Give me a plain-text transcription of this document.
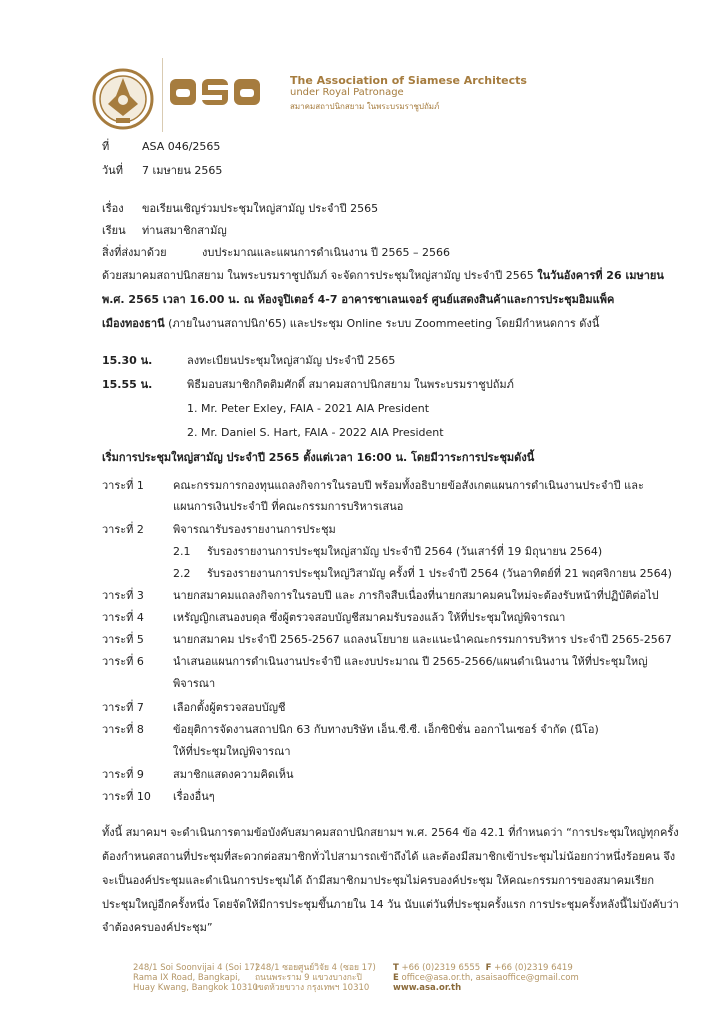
The Association of Siamese Architects
under Royal Patronage
สมาคมสถาปนิกสยาม ในพระบรมราชูปถัมภ์
ที่	ASA 046/2565
วันที่ 7 เมษายน 2565
เรื่อง ขอเรียนเชิญร่วมประชุมใหญ่สามัญ ประจำปี 2565
เรียน ท่านสมาชิกสามัญ
สิ่งที่ส่งมาด้วย	งบประมาณและแผนการดำเนินงาน ปี 2565 – 2566
ด้วยสมาคมสถาปนิกสยาม ในพระบรมราชูปถัมภ์ จะจัดการประชุมใหญ่สามัญ ประจำปี 2565 ในวันอังคารที่ 26 เมษายน
พ.ศ. 2565 เวลา 16.00 น. ณ ห้องจูปิเตอร์ 4-7 อาคารชาเลนเจอร์ ศูนย์แสดงสินค้าและการประชุมอิมแพ็ค
เมืองทองธานี (ภายในงานสถาปนิก'65) และประชุม Online ระบบ Zoommeeting โดยมีกำหนดการ ดังนี้
15.30 น.	ลงทะเบียนประชุมใหญ่สามัญ ประจำปี 2565
15.55 น.	พิธีมอบสมาชิกกิตติมศักดิ์ สมาคมสถาปนิกสยาม ในพระบรมราชูปถัมภ์
1. Mr. Peter Exley, FAIA - 2021 AIA President
2. Mr. Daniel S. Hart, FAIA - 2022 AIA President
เริ่มการประชุมใหญ่สามัญ ประจำปี 2565 ตั้งแต่เวลา 16:00 น. โดยมีวาระการประชุมดังนี้
วาระที่ 1	คณะกรรมการกองทุนแถลงกิจการในรอบปี พร้อมทั้งอธิบายข้อสังเกตแผนการดำเนินงานประจำปี และ
แผนการเงินประจำปี ที่คณะกรรมการบริหารเสนอ
วาระที่ 2	พิจารณารับรองรายงานการประชุม
2.1 รับรองรายงานการประชุมใหญ่สามัญ ประจำปี 2564 (วันเสาร์ที่ 19 มิถุนายน 2564)
2.2 รับรองรายงานการประชุมใหญ่วิสามัญ ครั้งที่ 1 ประจำปี 2564 (วันอาทิตย์ที่ 21 พฤศจิกายน 2564)
วาระที่ 3	นายกสมาคมแถลงกิจการในรอบปี และ ภารกิจสืบเนื่องที่นายกสมาคมคนใหม่จะต้องรับหน้าที่ปฏิบัติต่อไป
วาระที่ 4	เหรัญญิกเสนองบดุล ซึ่งผู้ตรวจสอบบัญชีสมาคมรับรองแล้ว ให้ที่ประชุมใหญ่พิจารณา
วาระที่ 5	นายกสมาคม ประจำปี 2565-2567 แถลงนโยบาย และแนะนำคณะกรรมการบริหาร ประจำปี 2565-2567
วาระที่ 6	นำเสนอแผนการดำเนินงานประจำปี และงบประมาณ ปี 2565-2566/แผนดำเนินงาน ให้ที่ประชุมใหญ่
พิจารณา
วาระที่ 7	เลือกตั้งผู้ตรวจสอบบัญชี
วาระที่ 8	ข้อยุติการจัดงานสถาปนิก 63 กับทางบริษัท เอ็น.ซี.ซี. เอ็กซิบิชั่น ออกาไนเซอร์ จำกัด (นีโอ)
ให้ที่ประชุมใหญ่พิจารณา
วาระที่ 9	สมาชิกแสดงความคิดเห็น
วาระที่ 10 เรื่องอื่นๆ
ทั้งนี้ สมาคมฯ จะดำเนินการตามข้อบังคับสมาคมสถาปนิกสยามฯ พ.ศ. 2564 ข้อ 42.1 ที่กำหนดว่า “การประชุมใหญ่ทุกครั้ง
ต้องกำหนดสถานที่ประชุมที่สะดวกต่อสมาชิกทั่วไปสามารถเข้าถึงได้ และต้องมีสมาชิกเข้าประชุมไม่น้อยกว่าหนึ่งร้อยคน จึง
จะเป็นองค์ประชุมและดำเนินการประชุมได้ ถ้ามีสมาชิกมาประชุมไม่ครบองค์ประชุม ให้คณะกรรมการของสมาคมเรียก
ประชุมใหญ่อีกครั้งหนึ่ง โดยจัดให้มีการประชุมขึ้นภายใน 14 วัน นับแต่วันที่ประชุมครั้งแรก การประชุมครั้งหลังนี้ไม่บังคับว่า
จำต้องครบองค์ประชุม”
248/1 Soi Soonvijai 4 (Soi 17)
Rama IX Road, Bangkapi,
Huay Kwang, Bangkok 10310
248/1 ซอยศูนย์วิจัย 4 (ซอย 17)
ถนนพระราม 9 แขวงบางกะปิ
เขตห้วยขวาง กรุงเทพฯ 10310
T +66 (0)2319 6555 F +66 (0)2319 6419
E office@asa.or.th, asaisaoffice@gmail.com
www.asa.or.th
